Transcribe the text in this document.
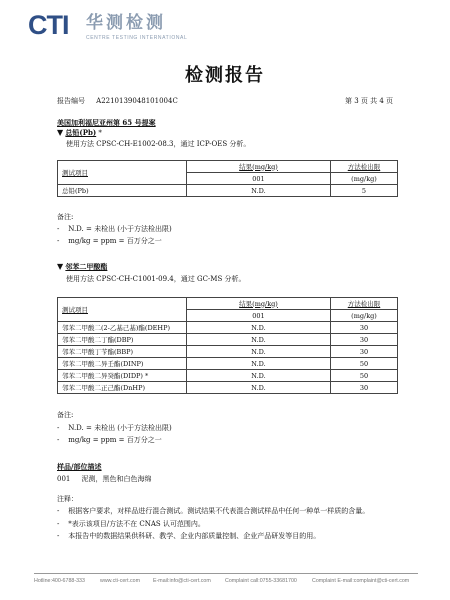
CTI 华测检测
CENTRE TESTING INTERNATIONAL
检测报告
报告编号 A2210139048101004C	第 3 页 共 4 页
美国加利福尼亚州第 65 号提案
▼ 总铅(Pb) *
使用方法 CPSC-CH-E1002-08.3，通过 ICP-OES 分析。
测试项目	结果(mg/kg)	方法检出限
	001	(mg/kg)
总铅(Pb)	N.D.	5
备注:
-    N.D. = 未检出 (小于方法检出限)
-    mg/kg = ppm = 百万分之一
▼ 邻苯二甲酸酯
使用方法 CPSC-CH-C1001-09.4，通过 GC-MS 分析。
测试项目	结果(mg/kg)	方法检出限
	001	(mg/kg)
邻苯二甲酸二(2-乙基己基)酯(DEHP)	N.D.	30
邻苯二甲酸二丁酯(DBP)	N.D.	30
邻苯二甲酸丁苄酯(BBP)	N.D.	30
邻苯二甲酸二异壬酯(DINP)	N.D.	50
邻苯二甲酸二异癸酯(DIDP) *	N.D.	50
邻苯二甲酸二正己酯(DnHP)	N.D.	30
备注:
-    N.D. = 未检出 (小于方法检出限)
-    mg/kg = ppm = 百万分之一
样品/部位描述
001 泥测，黑色和白色海绵
注释：
-    根据客户要求，对样品进行混合测试。测试结果不代表混合测试样品中任何一种单一样质的含量。
-    *表示该项目/方法不在 CNAS 认可范围内。
-    本报告中的数据结果供科研、教学、企业内部质量控制、企业产品研发等目的用。
Hotline:400-6788-333	www.cti-cert.com E-mail:info@cti-cert.com	Complaint call:0755-33681700	Complaint E-mail:complaint@cti-cert.com
